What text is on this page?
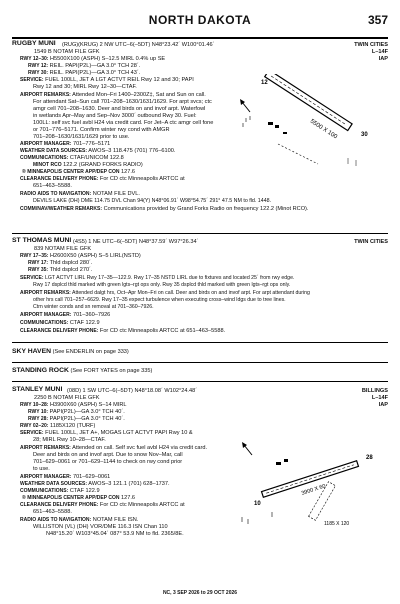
NORTH DAKOTA	357
RUGBY MUNI (RUG)(KRUG) 2 NW UTC–6(–5DT) N48°23.42´ W100°01.46´	TWIN CITIES
1549 B NOTAM FILE GFK	L–14F
RWY 12–30: H5500X100 (ASPH) S–12.5 MIRL 0.4% up SE	IAP
RWY 12: REIL. PAPI(P2L)—GA 3.0° TCH 28´.
RWY 30: REIL. PAPI(P2L)—GA 3.0° TCH 43´.
SERVICE: FUEL 100LL, JET A LGT ACTVT REIL Rwy 12 and 30; PAPI
Rwy 12 and 30; MIRL Rwy 12–30—CTAF.
AIRPORT REMARKS: Attended Mon–Fri 1400–2300Z‡, Sat and Sun on call.
For attendant Sat–Sun call 701–208–1630/1631/1629. For arpt svcs; ctc
amgr cell 701–208–1630. Deer and birds on and invof arpt. Waterfowl
in wetlands Apr–May and Sep–Nov 3000´ outbound Rwy 30. Fuel:
100LL: self svc fuel avbl H24 via credit card. For Jet–A ctc amgr cell fone
or 701–776–5171. Confirm winter rwy cond with AMGR
701–208–1630/1631/1629 prior to use.
AIRPORT MANAGER: 701–776–5171
WEATHER DATA SOURCES: AWOS–3 118.475 (701) 776–6100.
COMMUNICATIONS: CTAF/UNICOM 122.8
MINOT RCO 122.2 (GRAND FORKS RADIO)
® MINNEAPOLIS CENTER APP/DEP CON 127.6
CLEARANCE DELIVERY PHONE: For CD ctc Minneapolis ARTCC at
651–463–5588.
RADIO AIDS TO NAVIGATION: NOTAM FILE DVL.
DEVILS LAKE (DH) DME 114.75 DVL Chan 94(Y) N48°06.91´ W98°54.75´ 291° 47.5 NM to fld. 1448.
COMM/NAV/WEATHER REMARKS: Communications provided by Grand Forks Radio on frequency 122.2 (Minot RCO).
5500 X 100
12
30
ST THOMAS MUNI (4S5) 1 NE UTC–6(–5DT) N48°37.59´ W97°26.34´	TWIN CITIES
839 NOTAM FILE GFK
RWY 17–35: H2600X50 (ASPH) S–5 LIRL(NSTD)
RWY 17: Thld dsplcd 280´.
RWY 35: Thld dsplcd 270´.
SERVICE: LGT ACTVT LIRL Rwy 17–35—122.9. Rwy 17–35 NSTD LIRL due to fixtures and located 25´ from rwy edge.
Rwy 17 dsplcd thld marked with green lgts–rgt ops only. Rwy 35 dsplcd thld marked with green lgts–rgt ops only.
AIRPORT REMARKS: Attended dalgt hrs, Oct–Apr Mon–Fri on call. Deer and birds on and invof arpt. For arpt attendant during
other hrs call 701–257–6629. Rwy 17–35 expect turbulence when executing cross–wind ldgs due to tree lines.
Ctrn winter conds and sn removal at 701–360–7926.
AIRPORT MANAGER: 701–360–7926
COMMUNICATIONS: CTAF 122.9
CLEARANCE DELIVERY PHONE: For CD ctc Minneapolis ARTCC at 651–463–5588.
SKY HAVEN (See ENDERLIN on page 333)
STANDING ROCK (See FORT YATES on page 335)
STANLEY MUNI (08D) 1 SW UTC–6(–5DT) N48°18.08´ W102°24.48´	BILLINGS
2250 B NOTAM FILE GFK	L–14F
RWY 10–28: H3900X60 (ASPH) S–14 MIRL	IAP
RWY 10: PAPI(P2L)—GA 3.0° TCH 40´.
RWY 28: PAPI(P2L)—GA 3.0° TCH 40´.
RWY 02–20: 1185X120 (TURF)
SERVICE: FUEL 100LL, JET A+, MOGAS LGT ACTVT PAPI Rwy 10 &
28; MIRL Rwy 10–28—CTAF.
AIRPORT REMARKS: Attended on call. Self svc fuel avbl H24 via credit card.
Deer and birds on and invof arpt. Due to snow Nov–Mar, call
701–629–0061 or 701–629–1144 to check on rwy cond prior
to use.
AIRPORT MANAGER: 701–629–0061
WEATHER DATA SOURCES: AWOS–3 121.1 (701) 628–1737.
COMMUNICATIONS: CTAF 122.9
® MINNEAPOLIS CENTER APP/DEP CON 127.6
CLEARANCE DELIVERY PHONE: For CD ctc Minneapolis ARTCC at
651–463–5588.
RADIO AIDS TO NAVIGATION: NOTAM FILE ISN.
WILLISTON (VL) (DH) VOR/DME 116.3 ISN Chan 110
N48°15.20´ W103°45.04´ 087° 53.9 NM to fld. 2365/8E.
3900 X 60
1185 X 120
10
28
NC, 3 SEP 2026 to 29 OCT 2026
